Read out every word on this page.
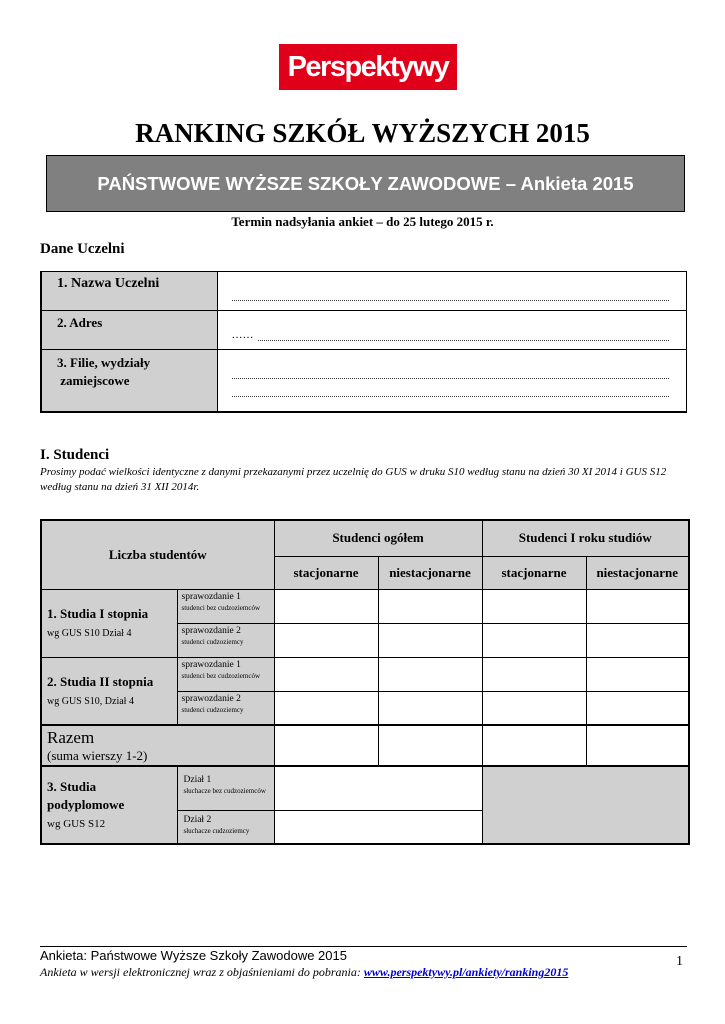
Perspektywy
RANKING SZKÓŁ WYŻSZYCH 2015
PAŃSTWOWE WYŻSZE SZKOŁY ZAWODOWE – Ankieta 2015
Termin nadsyłania ankiet – do 25 lutego 2015 r.
Dane Uczelni
1. Nazwa Uczelni	

2. Adres	……

3. Filie, wydziały
zamiejscowe	
I. Studenci
Prosimy podać wielkości identyczne z danymi przekazanymi przez uczelnię do GUS w druku S10 według stanu na dzień 30 XI 2014 i GUS S12 według stanu na dzień 31 XII 2014r.
Liczba studentów		Studenci ogółem		Studenci I roku studiów	
		stacjonarne	niestacjonarne	stacjonarne	niestacjonarne
1. Studia I stopnia
wg GUS S10 Dział 4	sprawozdanie 1
studenci bez cudzoziemców				

	sprawozdanie 2
studenci cudzoziemcy				

2. Studia II stopnia
wg GUS S10, Dział 4	sprawozdanie 1
studenci bez cudzoziemców				

	sprawozdanie 2
studenci cudzoziemcy				

Razem
(suma wierszy 1-2)					

3. Studia podyplomowe
wg GUS S12	Dział 1
słuchacze bez cudzoziemców				

	Dział 2
słuchacze cudzoziemcy				

Ankieta: Państwowe Wyższe Szkoły Zawodowe 2015	1
Ankieta w wersji elektronicznej wraz z objaśnieniami do pobrania: www.perspektywy.pl/ankiety/ranking2015
